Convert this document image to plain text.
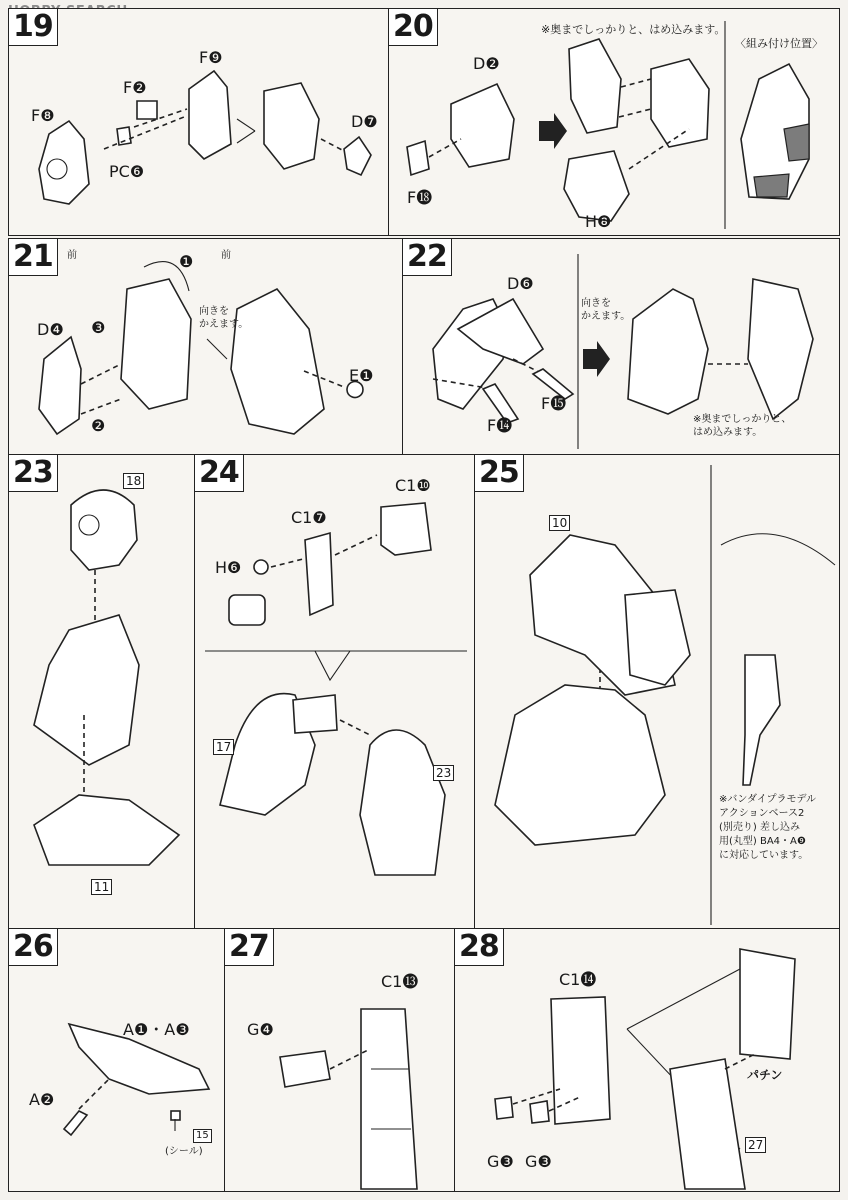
19
F❽
F❷
F❾
PC❻
D❼
20
D❷
F⓲
H❽
※奥までしっかりと、はめ込みます。
〈組み付け位置〉
21	前	前
向きを
かえます。
D❹
E❶
❶
❷
❸
22
D❻
F⓯
F⓮
向きを
かえます。
※奥までしっかりと、
はめ込みます。
23	18
11
24	C1❿
C1❼
H❻
17
23
25
10
※バンダイプラモデル
アクションベース2
(別売り) 差し込み
用(丸型) BA4・A❾
に対応しています。
26
A❶・A❸
A❷
15
(シール)
27
C1⓭
G❹
28
C1⓮
G❸ G❸
パチン
27
